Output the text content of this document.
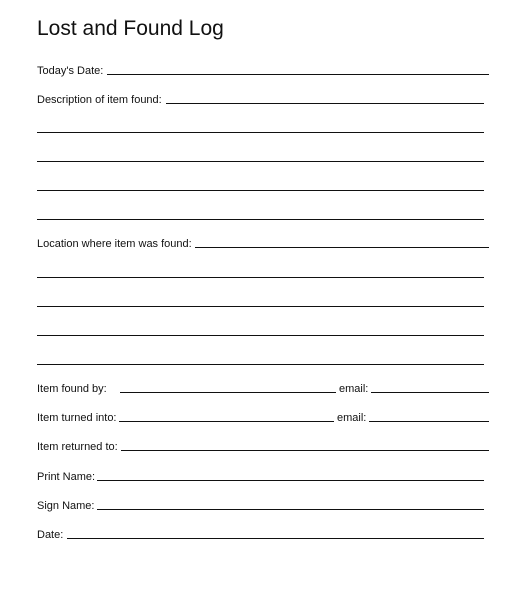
Lost and Found Log
Today's Date:
Description of item found:
Location where item was found:
Item found by:	email:
Item turned into:	email:
Item returned to:
Print Name:
Sign Name:
Date:
